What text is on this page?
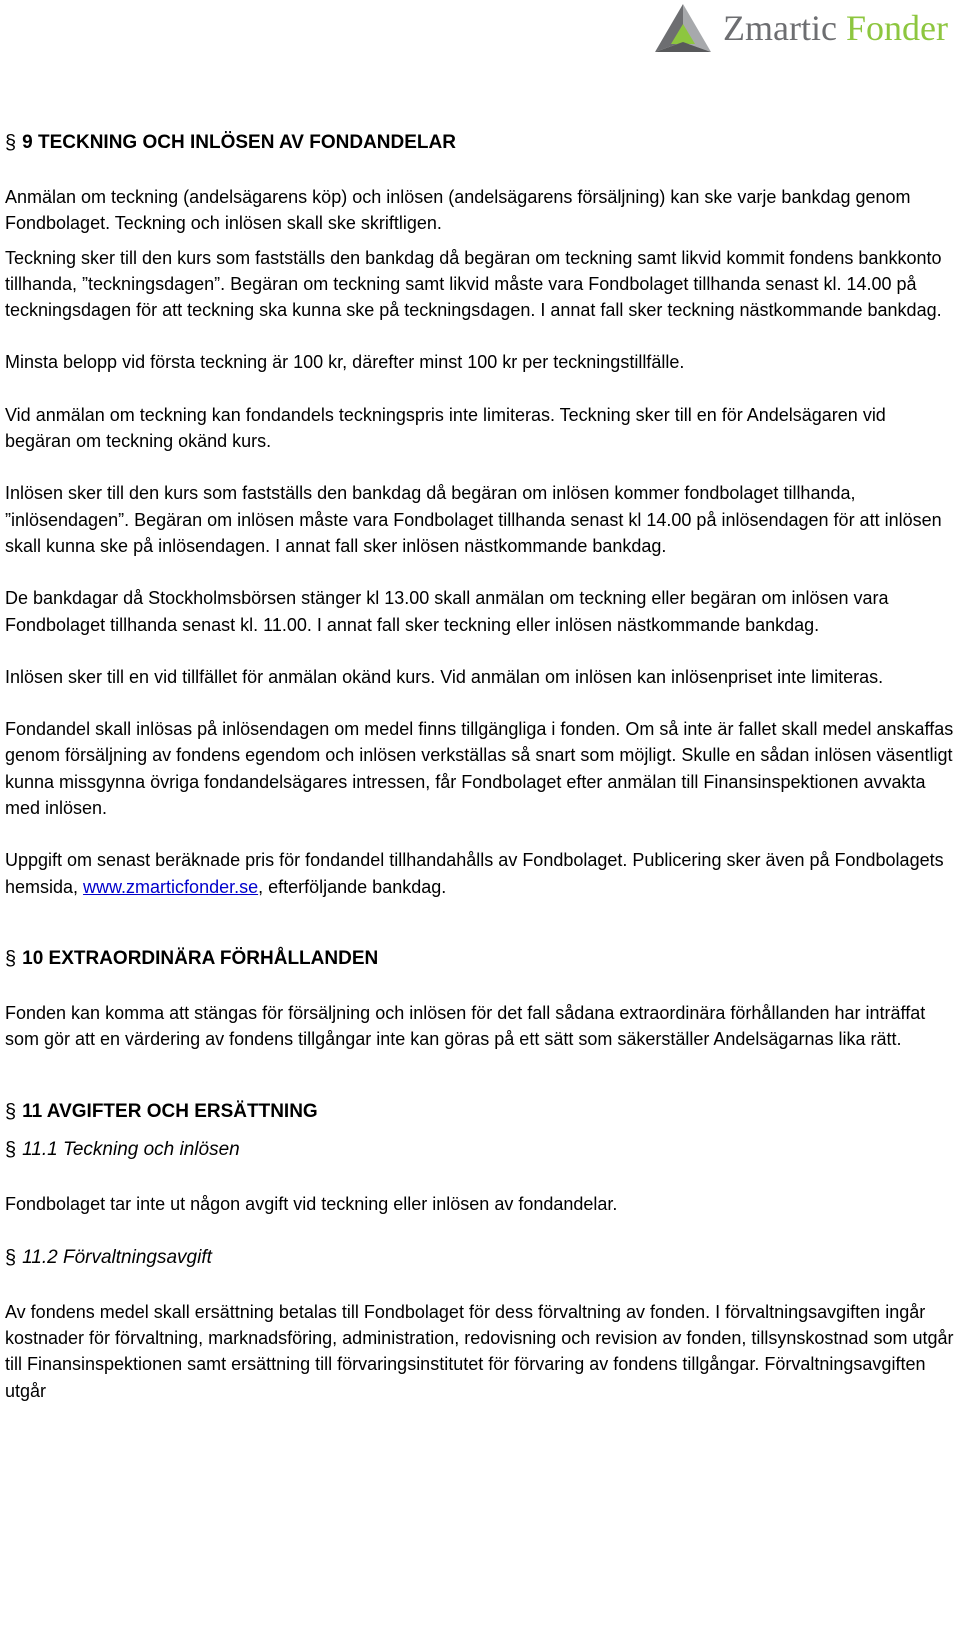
Zmartic Fonder
§ 9 TECKNING OCH INLÖSEN AV FONDANDELAR

Anmälan om teckning (andelsägarens köp) och inlösen (andelsägarens försäljning) kan ske varje bankdag genom Fondbolaget. Teckning och inlösen skall ske skriftligen.

Teckning sker till den kurs som fastställs den bankdag då begäran om teckning samt likvid kommit fondens bankkonto tillhanda, ”teckningsdagen”. Begäran om teckning samt likvid måste vara Fondbolaget tillhanda senast kl. 14.00 på teckningsdagen för att teckning ska kunna ske på teckningsdagen. I annat fall sker teckning nästkommande bankdag.

Minsta belopp vid första teckning är 100 kr, därefter minst 100 kr per teckningstillfälle.

Vid anmälan om teckning kan fondandels teckningspris inte limiteras. Teckning sker till en för Andelsägaren vid begäran om teckning okänd kurs.

Inlösen sker till den kurs som fastställs den bankdag då begäran om inlösen kommer fondbolaget tillhanda, ”inlösendagen”. Begäran om inlösen måste vara Fondbolaget tillhanda senast kl 14.00 på inlösendagen för att inlösen skall kunna ske på inlösendagen. I annat fall sker inlösen nästkommande bankdag.

De bankdagar då Stockholmsbörsen stänger kl 13.00 skall anmälan om teckning eller begäran om inlösen vara Fondbolaget tillhanda senast kl. 11.00. I annat fall sker teckning eller inlösen nästkommande bankdag.

Inlösen sker till en vid tillfället för anmälan okänd kurs. Vid anmälan om inlösen kan inlösenpriset inte limiteras.

Fondandel skall inlösas på inlösendagen om medel finns tillgängliga i fonden. Om så inte är fallet skall medel anskaffas genom försäljning av fondens egendom och inlösen verkställas så snart som möjligt. Skulle en sådan inlösen väsentligt kunna missgynna övriga fondandelsägares intressen, får Fondbolaget efter anmälan till Finansinspektionen avvakta med inlösen.

Uppgift om senast beräknade pris för fondandel tillhandahålls av Fondbolaget. Publicering sker även på Fondbolagets hemsida, www.zmarticfonder.se, efterföljande bankdag.

§ 10 EXTRAORDINÄRA FÖRHÅLLANDEN

Fonden kan komma att stängas för försäljning och inlösen för det fall sådana extraordinära förhållanden har inträffat som gör att en värdering av fondens tillgångar inte kan göras på ett sätt som säkerställer Andelsägarnas lika rätt.

§ 11 AVGIFTER OCH ERSÄTTNING
§ 11.1 Teckning och inlösen

Fondbolaget tar inte ut någon avgift vid teckning eller inlösen av fondandelar.

§ 11.2 Förvaltningsavgift

Av fondens medel skall ersättning betalas till Fondbolaget för dess förvaltning av fonden. I förvaltningsavgiften ingår kostnader för förvaltning, marknadsföring, administration, redovisning och revision av fonden, tillsynskostnad som utgår till Finansinspektionen samt ersättning till förvaringsinstitutet för förvaring av fondens tillgångar. Förvaltningsavgiften utgår
